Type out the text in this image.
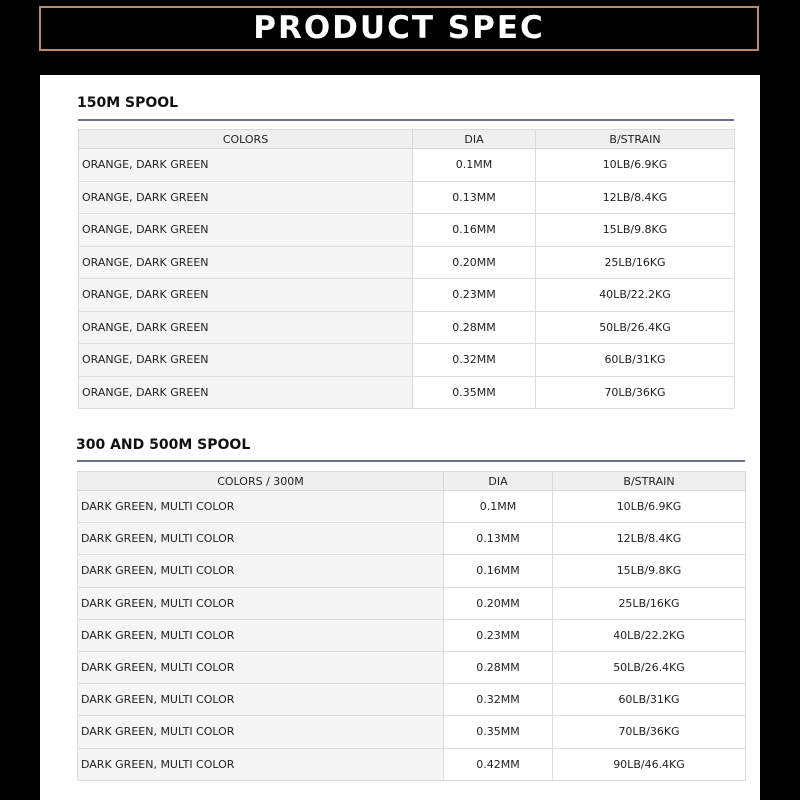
PRODUCT SPEC
150M SPOOL
COLORS	DIA	B/STRAIN
ORANGE, DARK GREEN	0.1MM	10LB/6.9KG
ORANGE, DARK GREEN	0.13MM	12LB/8.4KG
ORANGE, DARK GREEN	0.16MM	15LB/9.8KG
ORANGE, DARK GREEN	0.20MM	25LB/16KG
ORANGE, DARK GREEN	0.23MM	40LB/22.2KG
ORANGE, DARK GREEN	0.28MM	50LB/26.4KG
ORANGE, DARK GREEN	0.32MM	60LB/31KG
ORANGE, DARK GREEN	0.35MM	70LB/36KG
300 AND 500M SPOOL
COLORS / 300M	DIA	B/STRAIN
DARK GREEN, MULTI COLOR	0.1MM	10LB/6.9KG
DARK GREEN, MULTI COLOR	0.13MM	12LB/8.4KG
DARK GREEN, MULTI COLOR	0.16MM	15LB/9.8KG
DARK GREEN, MULTI COLOR	0.20MM	25LB/16KG
DARK GREEN, MULTI COLOR	0.23MM	40LB/22.2KG
DARK GREEN, MULTI COLOR	0.28MM	50LB/26.4KG
DARK GREEN, MULTI COLOR	0.32MM	60LB/31KG
DARK GREEN, MULTI COLOR	0.35MM	70LB/36KG
DARK GREEN, MULTI COLOR	0.42MM	90LB/46.4KG
